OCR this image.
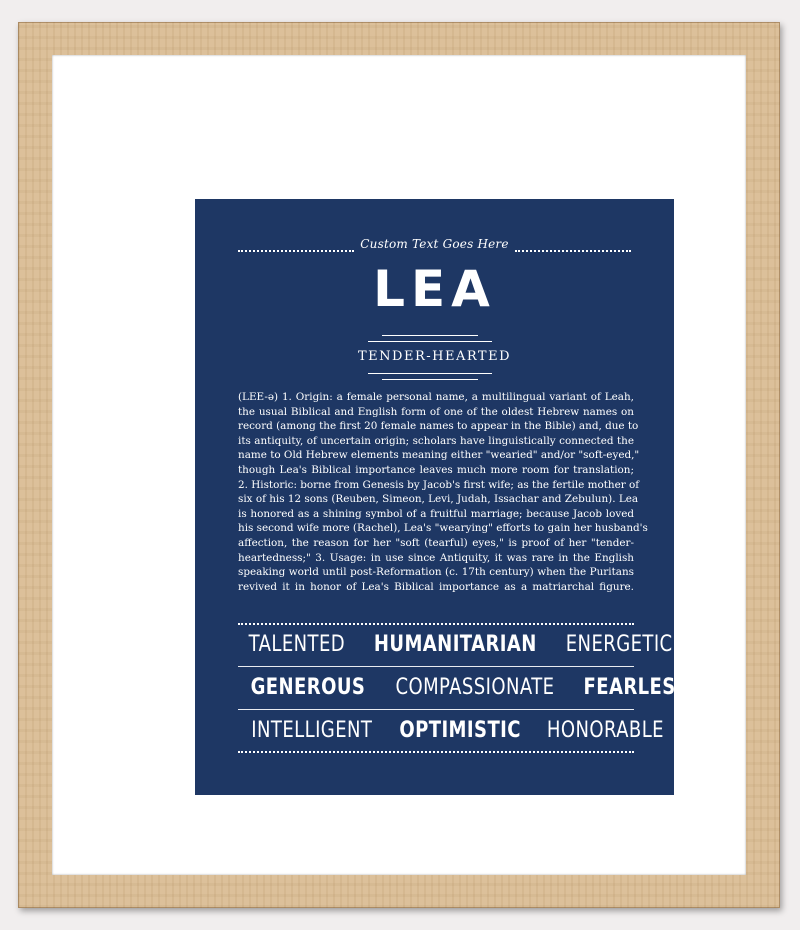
Custom Text Goes Here
LEA
TENDER-HEARTED
(LEE-ə) 1. Origin: a female personal name, a multilingual variant of Leah,
the usual Biblical and English form of one of the oldest Hebrew names on
record (among the first 20 female names to appear in the Bible) and, due to
its antiquity, of uncertain origin; scholars have linguistically connected the
name to Old Hebrew elements meaning either "wearied" and/or "soft-eyed,"
though Lea's Biblical importance leaves much more room for translation;
2. Historic: borne from Genesis by Jacob's first wife; as the fertile mother of
six of his 12 sons (Reuben, Simeon, Levi, Judah, Issachar and Zebulun). Lea
is honored as a shining symbol of a fruitful marriage; because Jacob loved
his second wife more (Rachel), Lea's "wearying" efforts to gain her husband's
affection, the reason for her "soft (tearful) eyes," is proof of her "tender-
heartedness;" 3. Usage: in use since Antiquity, it was rare in the English
speaking world until post-Reformation (c. 17th century) when the Puritans
revived it in honor of Lea's Biblical importance as a matriarchal figure.
TALENTED HUMANITARIAN ENERGETIC
GENEROUS COMPASSIONATE FEARLESS
INTELLIGENT OPTIMISTIC HONORABLE
